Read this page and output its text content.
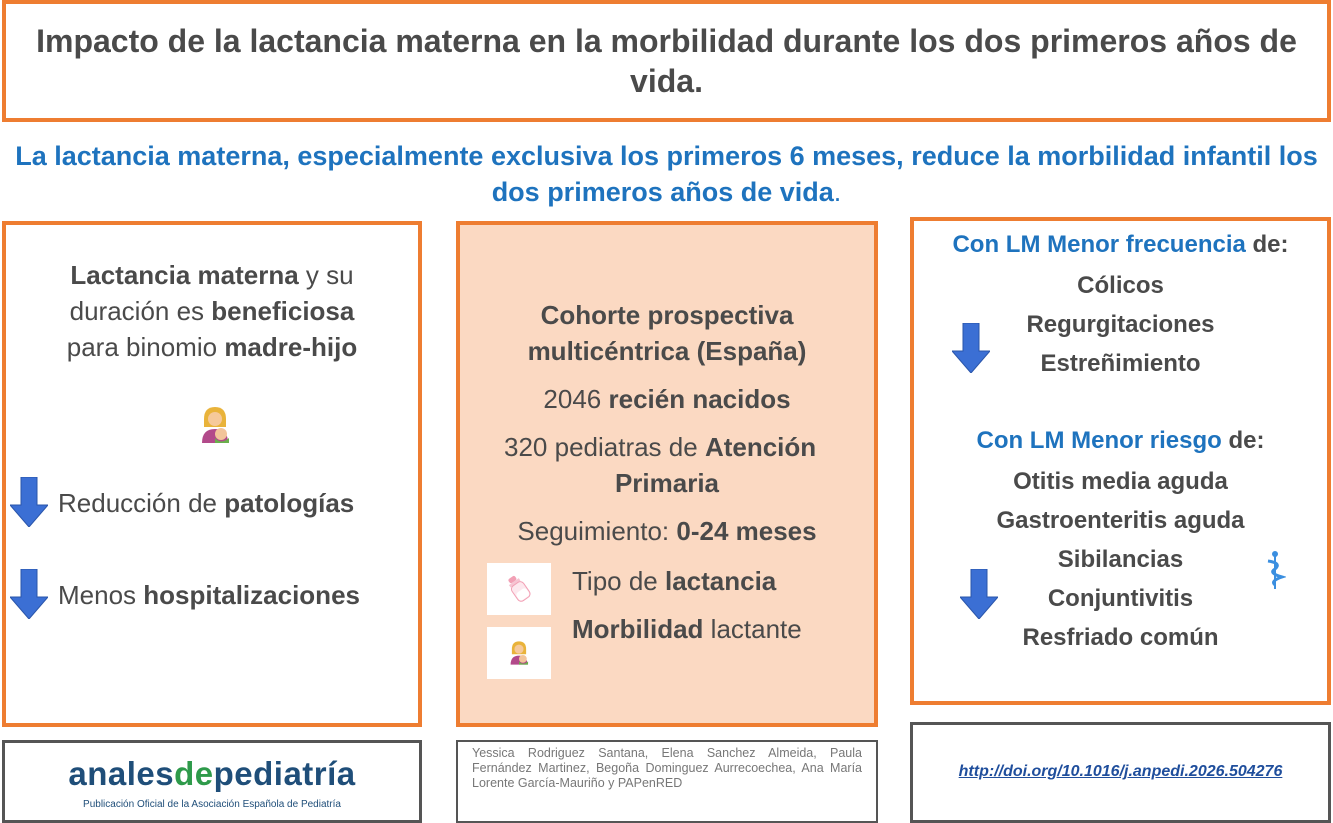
Impacto de la lactancia materna en la morbilidad durante los dos primeros años de vida.
La lactancia materna, especialmente exclusiva los primeros 6 meses, reduce la morbilidad infantil los dos primeros años de vida.
Lactancia materna y su
duración es beneficiosa
para binomio madre-hijo
Reducción de patologías
Menos hospitalizaciones
Cohorte prospectiva
multicéntrica (España)
2046 recién nacidos
320 pediatras de Atención
Primaria
Seguimiento: 0-24 meses
Tipo de lactancia
Morbilidad lactante
Con LM Menor frecuencia de:
Cólicos
Regurgitaciones
Estreñimiento
Con LM Menor riesgo de:
Otitis media aguda
Gastroenteritis aguda
Sibilancias
Conjuntivitis
Resfriado común
analesdepediatría
Publicación Oficial de la Asociación Española de Pediatría
Yessica Rodriguez Santana, Elena Sanchez Almeida, Paula Fernández Martinez, Begoña Dominguez Aurrecoechea, Ana María Lorente García-Mauriño y PAPenRED
http://doi.org/10.1016/j.anpedi.2026.504276
